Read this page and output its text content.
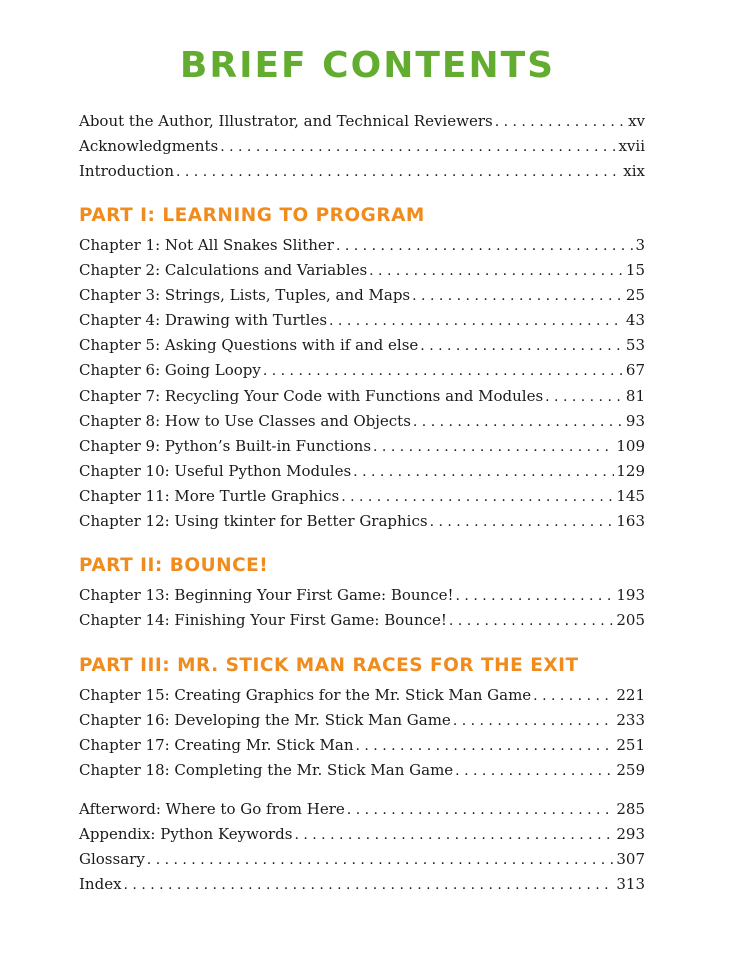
BRIEF CONTENTS
About the Author, Illustrator, and Technical Reviewers . . .	xv
Acknowledgments . . .	xvii
Introduction . . .	xix
PART I: LEARNING TO PROGRAM
Chapter 1: Not All Snakes Slither . . .	3
Chapter 2: Calculations and Variables . . .	15
Chapter 3: Strings, Lists, Tuples, and Maps . . .	25
Chapter 4: Drawing with Turtles . . .	43
Chapter 5: Asking Questions with if and else . . .	53
Chapter 6: Going Loopy . . .	67
Chapter 7: Recycling Your Code with Functions and Modules . . .	81
Chapter 8: How to Use Classes and Objects . . .	93
Chapter 9: Python’s Built-in Functions . . .	109
Chapter 10: Useful Python Modules . . .	129
Chapter 11: More Turtle Graphics . . .	145
Chapter 12: Using tkinter for Better Graphics . . .	163
PART II: BOUNCE!
Chapter 13: Beginning Your First Game: Bounce! . . .	193
Chapter 14: Finishing Your First Game: Bounce! . . .	205
PART III: MR. STICK MAN RACES FOR THE EXIT
Chapter 15: Creating Graphics for the Mr. Stick Man Game . . .	221
Chapter 16: Developing the Mr. Stick Man Game . . .	233
Chapter 17: Creating Mr. Stick Man . . .	251
Chapter 18: Completing the Mr. Stick Man Game . . .	259
Afterword: Where to Go from Here . . .	285
Appendix: Python Keywords . . .	293
Glossary . . .	307
Index . . .	313
